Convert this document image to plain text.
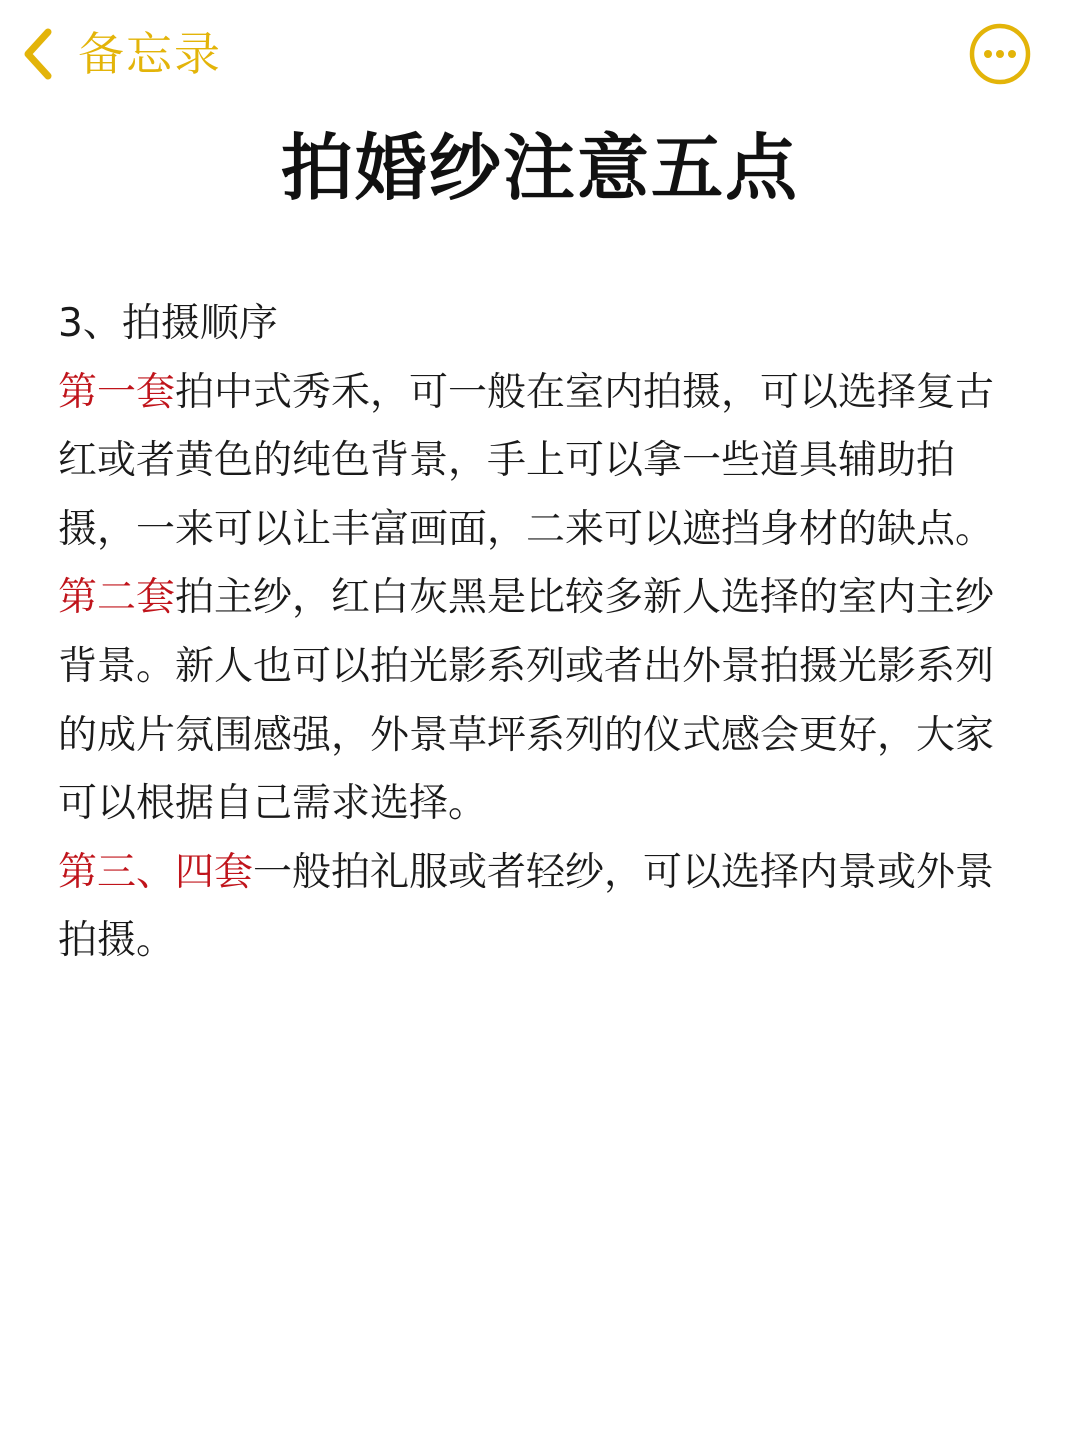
备忘录
拍婚纱注意五点

3、拍摄顺序

第一套拍中式秀禾，可一般在室内拍摄，可以选择复古红或者黄色的纯色背景，手上可以拿一些道具辅助拍摄，一来可以让丰富画面，二来可以遮挡身材的缺点。

第二套拍主纱，红白灰黑是比较多新人选择的室内主纱背景。新人也可以拍光影系列或者出外景拍摄光影系列的成片氛围感强，外景草坪系列的仪式感会更好，大家可以根据自己需求选择。

第三、四套一般拍礼服或者轻纱，可以选择内景或外景拍摄。
